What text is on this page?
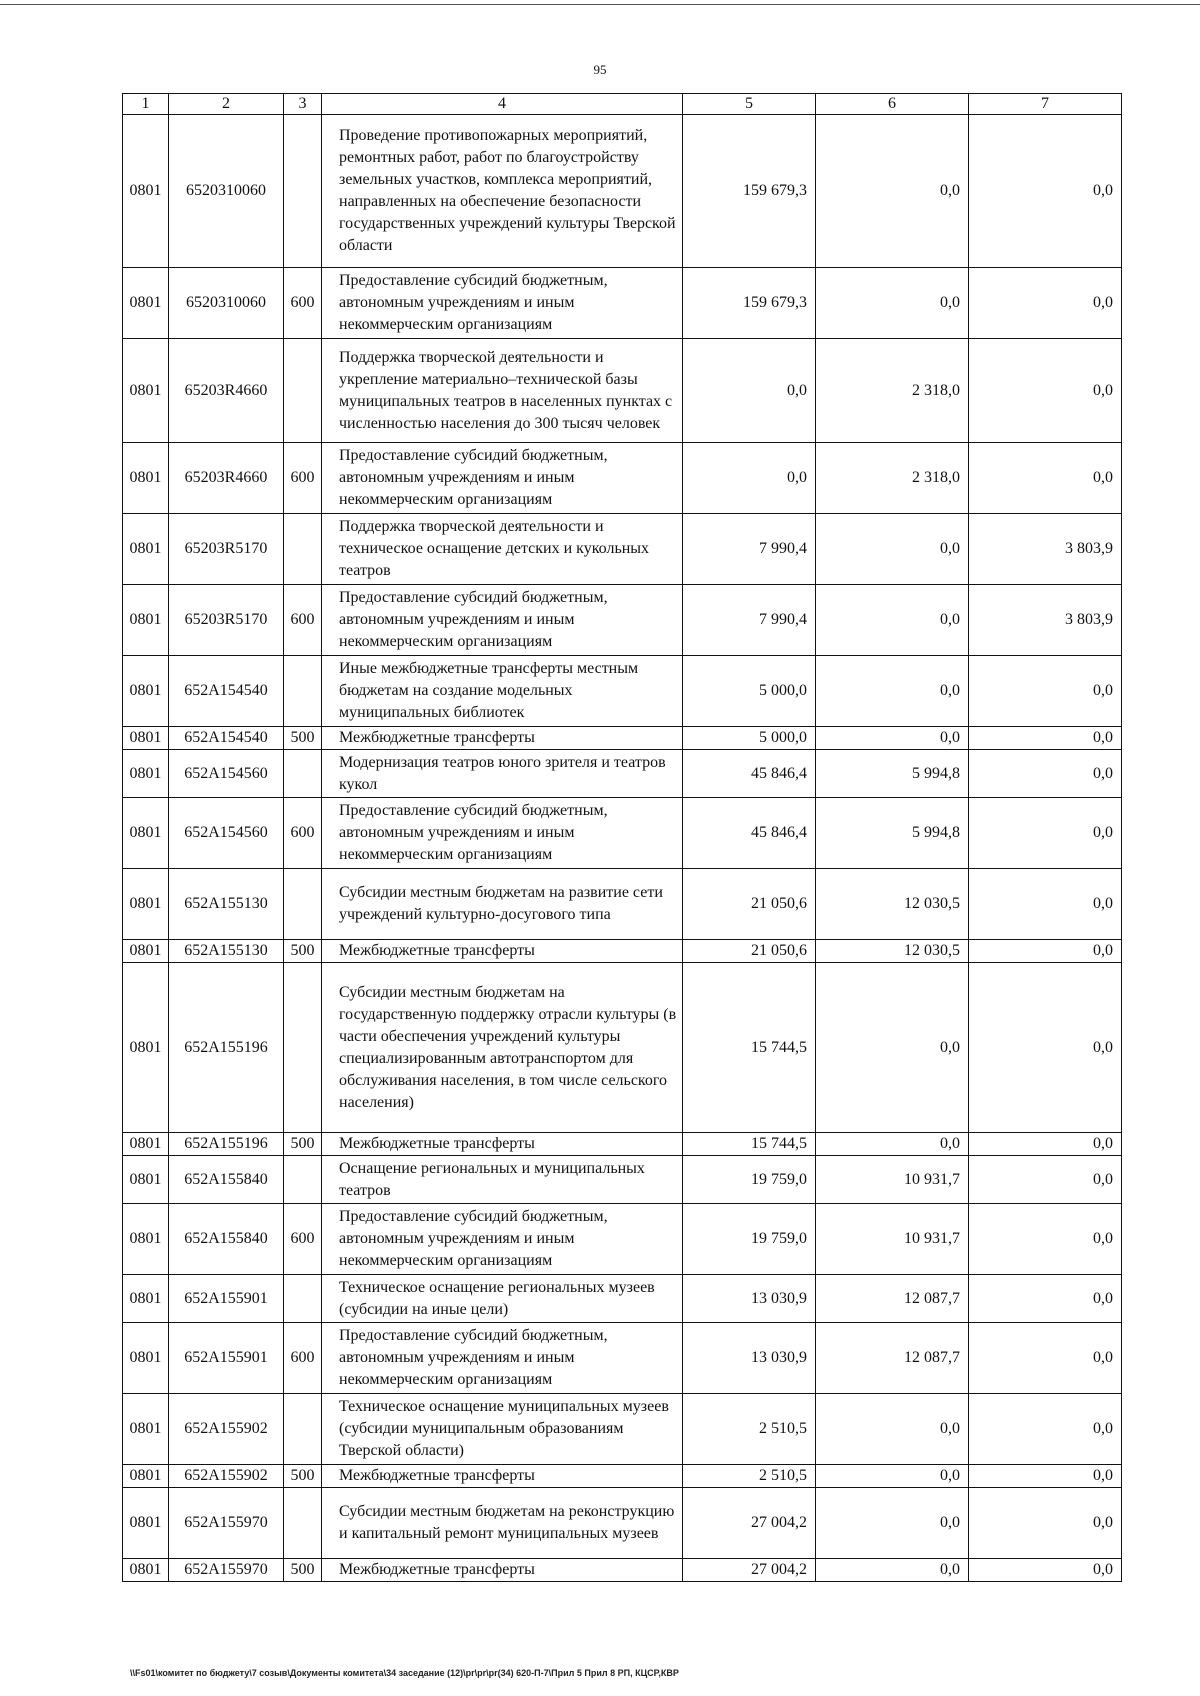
95
1	2	3	4	5	6	7
0801	6520310060		Проведение противопожарных мероприятий, ремонтных работ, работ по благоустройству земельных участков, комплекса мероприятий, направленных на обеспечение безопасности государственных учреждений культуры Тверской области	159 679,3	0,0	0,0
0801	6520310060	600	Предоставление субсидий бюджетным, автономным учреждениям и иным некоммерческим организациям	159 679,3	0,0	0,0
0801	65203R4660		Поддержка творческой деятельности и укрепление материально–технической базы муниципальных театров в населенных пунктах с численностью населения до 300 тысяч человек	0,0	2 318,0	0,0
0801	65203R4660	600	Предоставление субсидий бюджетным, автономным учреждениям и иным некоммерческим организациям	0,0	2 318,0	0,0
0801	65203R5170		Поддержка творческой деятельности и техническое оснащение детских и кукольных театров	7 990,4	0,0	3 803,9
0801	65203R5170	600	Предоставление субсидий бюджетным, автономным учреждениям и иным некоммерческим организациям	7 990,4	0,0	3 803,9
0801	652A154540		Иные межбюджетные трансферты местным бюджетам на создание модельных муниципальных библиотек	5 000,0	0,0	0,0
0801	652A154540	500	Межбюджетные трансферты	5 000,0	0,0	0,0
0801	652A154560		Модернизация театров юного зрителя и театров кукол	45 846,4	5 994,8	0,0
0801	652A154560	600	Предоставление субсидий бюджетным, автономным учреждениям и иным некоммерческим организациям	45 846,4	5 994,8	0,0
0801	652A155130		Субсидии местным бюджетам на развитие сети учреждений культурно-досугового типа	21 050,6	12 030,5	0,0
0801	652A155130	500	Межбюджетные трансферты	21 050,6	12 030,5	0,0
0801	652A155196		Субсидии местным бюджетам на государственную поддержку отрасли культуры (в части обеспечения учреждений культуры специализированным автотранспортом для обслуживания населения, в том числе сельского населения)	15 744,5	0,0	0,0
0801	652A155196	500	Межбюджетные трансферты	15 744,5	0,0	0,0
0801	652A155840		Оснащение региональных и муниципальных театров	19 759,0	10 931,7	0,0
0801	652A155840	600	Предоставление субсидий бюджетным, автономным учреждениям и иным некоммерческим организациям	19 759,0	10 931,7	0,0
0801	652A155901		Техническое оснащение региональных музеев (субсидии на иные цели)	13 030,9	12 087,7	0,0
0801	652A155901	600	Предоставление субсидий бюджетным, автономным учреждениям и иным некоммерческим организациям	13 030,9	12 087,7	0,0
0801	652A155902		Техническое оснащение муниципальных музеев (субсидии муниципальным образованиям Тверской области)	2 510,5	0,0	0,0
0801	652A155902	500	Межбюджетные трансферты	2 510,5	0,0	0,0
0801	652A155970		Субсидии местным бюджетам на реконструкцию и капитальный ремонт муниципальных музеев	27 004,2	0,0	0,0
0801	652A155970	500	Межбюджетные трансферты	27 004,2	0,0	0,0
\\Fs01\комитет по бюджету\7 созыв\Документы комитета\34 заседание (12)\pr\pr\pr(34) 620-П-7\Прил 5 Прил 8 РП, КЦСР,КВР
